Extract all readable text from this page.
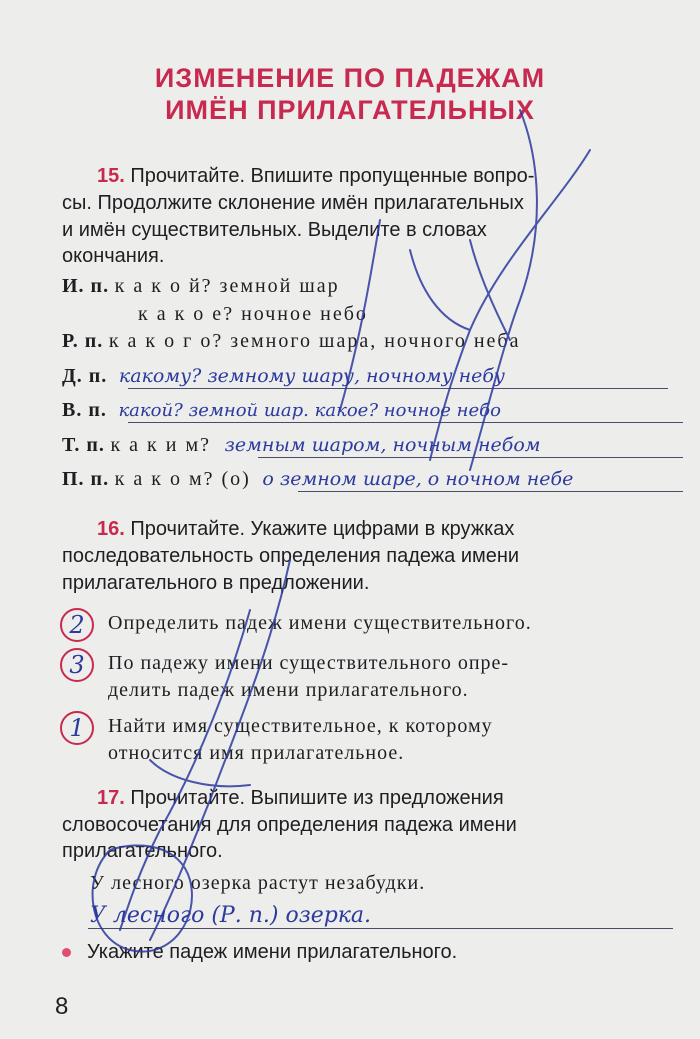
ИЗМЕНЕНИЕ ПО ПАДЕЖАМ
ИМЁН ПРИЛАГАТЕЛЬНЫХ
15. Прочитайте. Впишите пропущенные вопро-
сы. Продолжите склонение имён прилагательных
и имён существительных. Выделите в словах
окончания.
И. п. к а к о й? земной шар
к а к о е? ночное небо
Р. п. к а к о г о? земного шара, ночного неба
Д. п. какому? земному шару, ночному небу
В. п. какой? земной шар. какое? ночное небо
Т. п. к а к и м? земным шаром, ночным небом
П. п. к а к о м? (о) о земном шаре, о ночном небе
16. Прочитайте. Укажите цифрами в кружках
последовательность определения падежа имени
прилагательного в предложении.
2	Определить падеж имени существительного.
3	По падежу имени существительного опре-
делить падеж имени прилагательного.
1	Найти имя существительное, к которому
относится имя прилагательное.
17. Прочитайте. Выпишите из предложения
словосочетания для определения падежа имени
прилагательного.
У лесного озерка растут незабудки.
У лесного (Р. п.) озерка.
Укажите падеж имени прилагательного.
8
